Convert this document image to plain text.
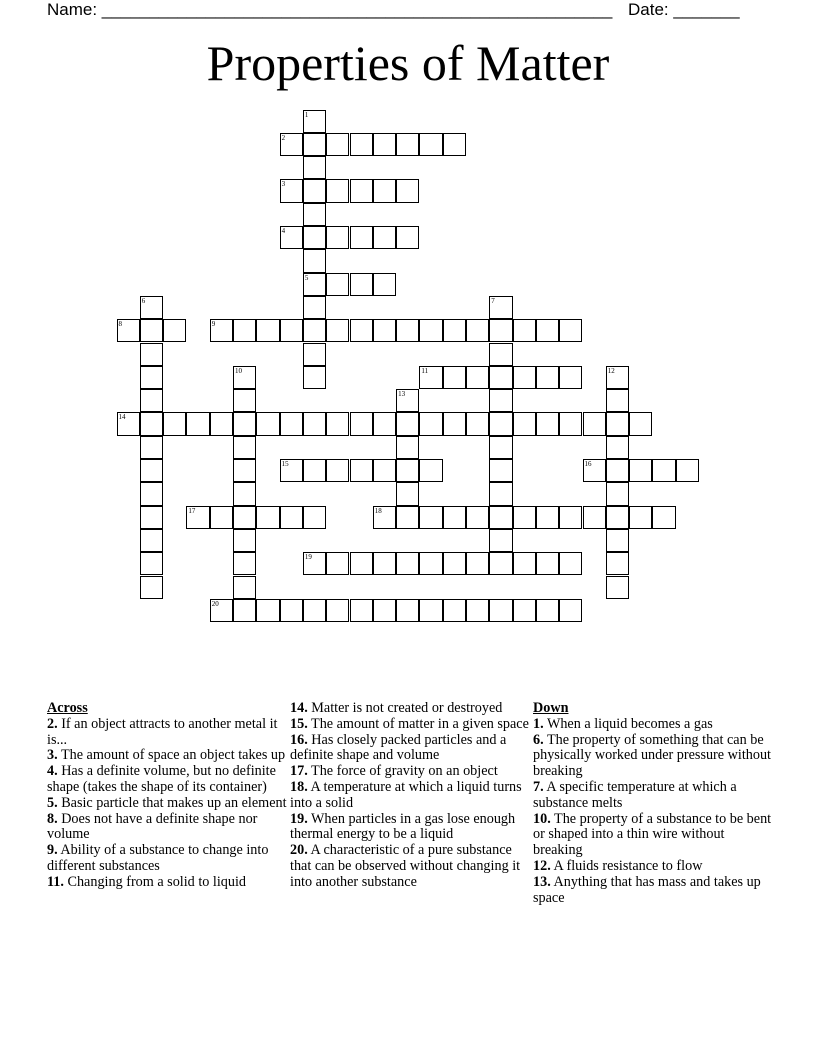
Name: ______________________________________________________ Date: _______
Properties of Matter
1
5
2
3
4
6	7
8	9
10	11	12
13
14
15	16
17	18
19
20
Across
2. If an object attracts to another metal it is...
3. The amount of space an object takes up
4. Has a definite volume, but no definite shape (takes the shape of its container)
5. Basic particle that makes up an element
8. Does not have a definite shape nor volume
9. Ability of a substance to change into different substances
11. Changing from a solid to liquid
14. Matter is not created or destroyed
15. The amount of matter in a given space
16. Has closely packed particles and a definite shape and volume
17. The force of gravity on an object
18. A temperature at which a liquid turns into a solid
19. When particles in a gas lose enough thermal energy to be a liquid
20. A characteristic of a pure substance that can be observed without changing it into another substance
Down
1. When a liquid becomes a gas
6. The property of something that can be physically worked under pressure without breaking
7. A specific temperature at which a substance melts
10. The property of a substance to be bent or shaped into a thin wire without breaking
12. A fluids resistance to flow
13. Anything that has mass and takes up space
